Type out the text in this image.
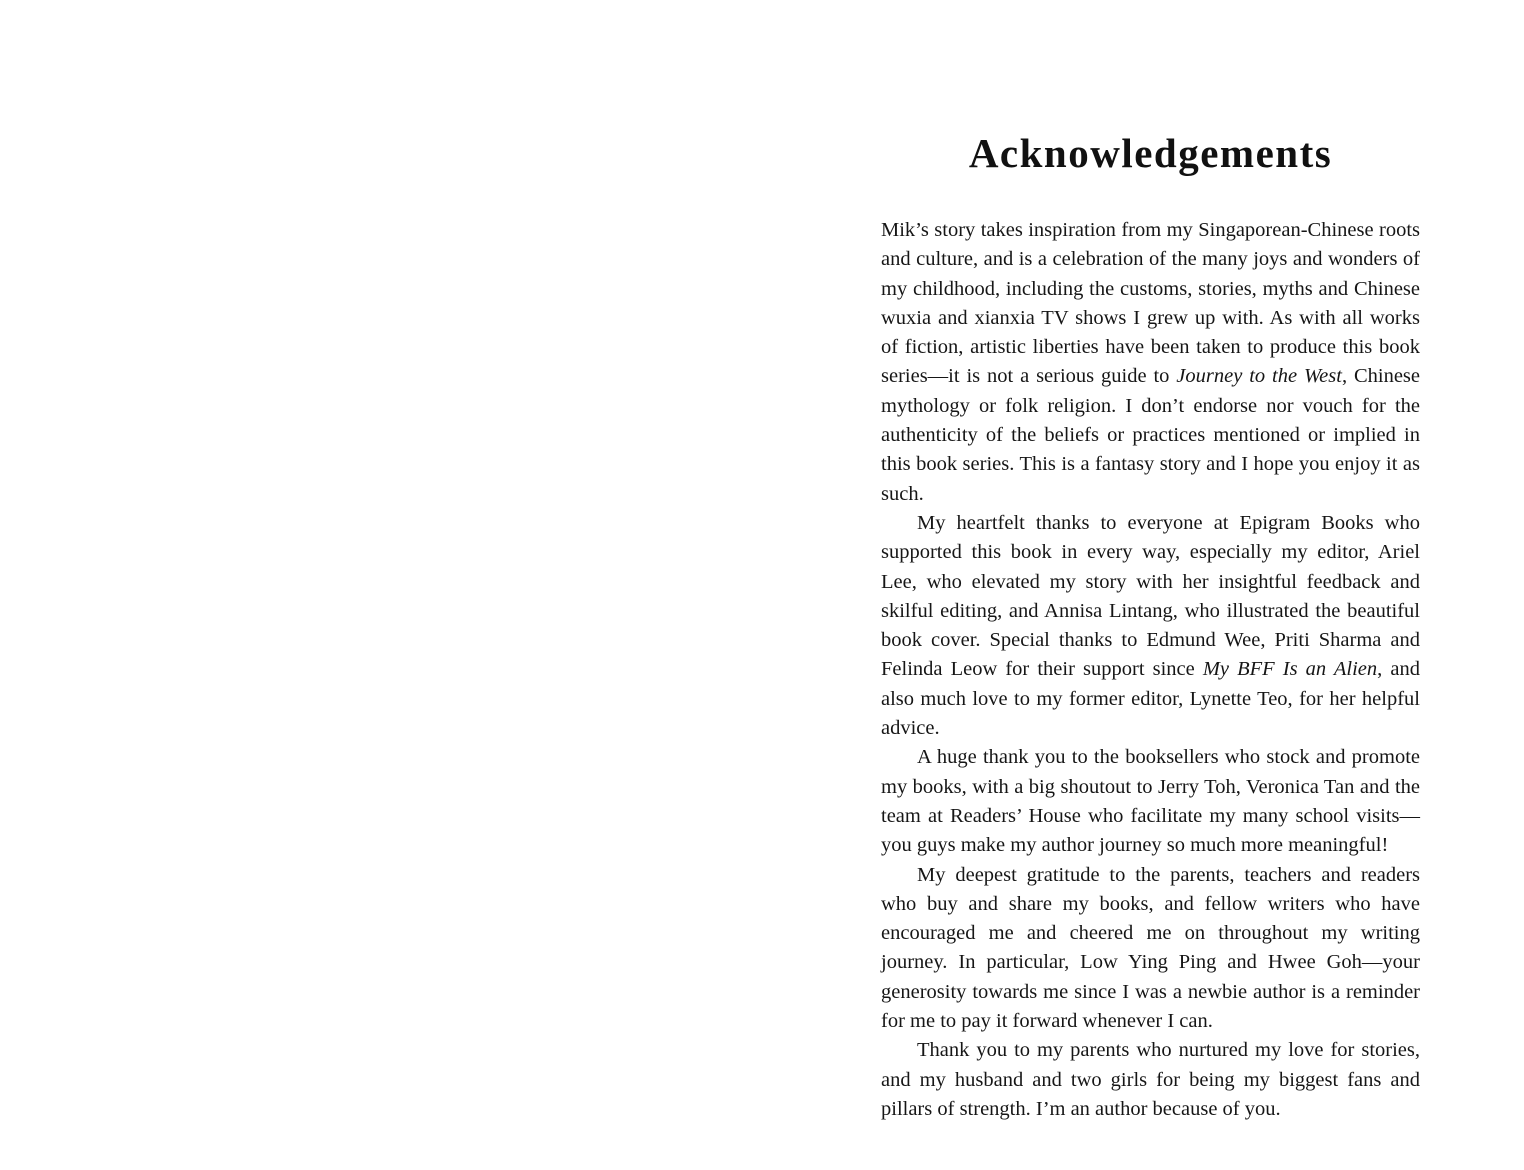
Acknowledgements

Mik’s story takes inspiration from my Singaporean-Chinese roots and culture, and is a celebration of the many joys and wonders of my childhood, including the customs, stories, myths and Chinese wuxia and xianxia TV shows I grew up with. As with all works of fiction, artistic liberties have been taken to produce this book series—it is not a serious guide to Journey to the West, Chinese mythology or folk religion. I don’t endorse nor vouch for the authenticity of the beliefs or practices mentioned or implied in this book series. This is a fantasy story and I hope you enjoy it as such.

My heartfelt thanks to everyone at Epigram Books who supported this book in every way, especially my editor, Ariel Lee, who elevated my story with her insightful feedback and skilful editing, and Annisa Lintang, who illustrated the beautiful book cover. Special thanks to Edmund Wee, Priti Sharma and Felinda Leow for their support since My BFF Is an Alien, and also much love to my former editor, Lynette Teo, for her helpful advice.

A huge thank you to the booksellers who stock and promote my books, with a big shoutout to Jerry Toh, Veronica Tan and the team at Readers’ House who facilitate my many school visits—you guys make my author journey so much more meaningful!

My deepest gratitude to the parents, teachers and readers who buy and share my books, and fellow writers who have encouraged me and cheered me on throughout my writing journey. In particular, Low Ying Ping and Hwee Goh—your generosity towards me since I was a newbie author is a reminder for me to pay it forward whenever I can.

Thank you to my parents who nurtured my love for stories, and my husband and two girls for being my biggest fans and pillars of strength. I’m an author because of you.
